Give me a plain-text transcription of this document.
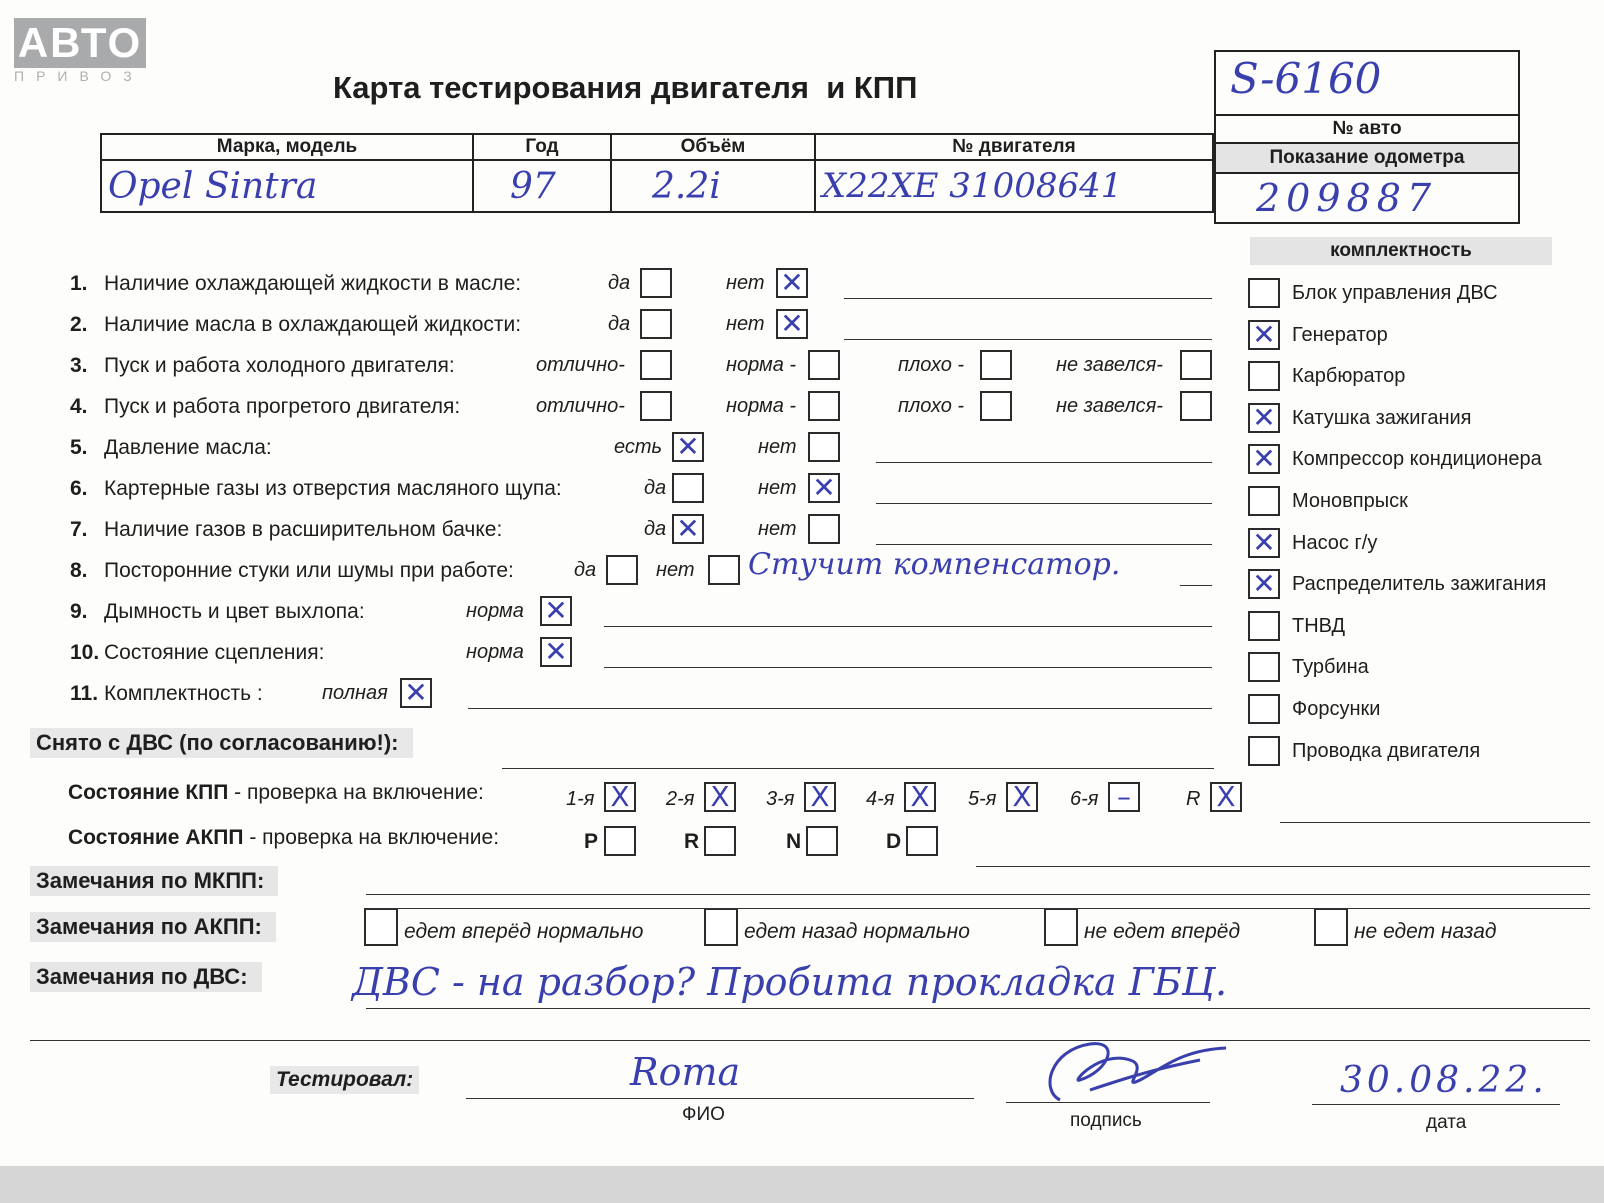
АВТО
ПРИВОЗ	Карта тестирования двигателя  и КПП	S-6160
№ авто
Показание одометра
209887
Марка, модель	Год	Объём	№ двигателя
Opel Sintra	97	2.2i	X22XE 31008641
1. Наличие охлаждающей жидкости в масле:	да	нет ✕
2. Наличие масла в охлаждающей жидкости:	да	нет ✕
3. Пуск и работа холодного двигателя:	отлично-	норма -	плохо -	не завелся-
4. Пуск и работа прогретого двигателя:	отлично-	норма -	плохо -	не завелся-
5. Давление масла:	есть ✕	нет
6. Картерные газы из отверстия масляного щупа:	да	нет ✕
7. Наличие газов в расширительном бачке:	да ✕	нет
8. Посторонние стуки или шумы при работе:	да	нет Стучит компенсатор.
9. Дымность и цвет выхлопа:	норма ✕
10. Состояние сцепления:	норма ✕
11. Комплектность :	полная ✕
Снято с ДВС (по согласованию!):
Состояние КПП - проверка на включение:	1-я X 2-я X 3-я X 4-я X 5-я X 6-я –	R X
Состояние АКПП - проверка на включение:	P	R	N	D
Замечания по МКПП:
Замечания по АКПП:	едет вперёд нормально	едет назад нормально	не едет вперёд	не едет назад
Замечания по ДВС:	ДВС - на разбор? Пробита прокладка ГБЦ.
комплектность
Блок управления ДВС
✕ Генератор
Карбюратор
✕ Катушка зажигания
✕ Компрессор кондиционера
Моновпрыск
✕ Насос г/у
✕ Распределитель зажигания
ТНВД
Турбина
Форсунки
Проводка двигателя
Тестировал:	Roma
ФИО	подпись
30.08.22.
дата
